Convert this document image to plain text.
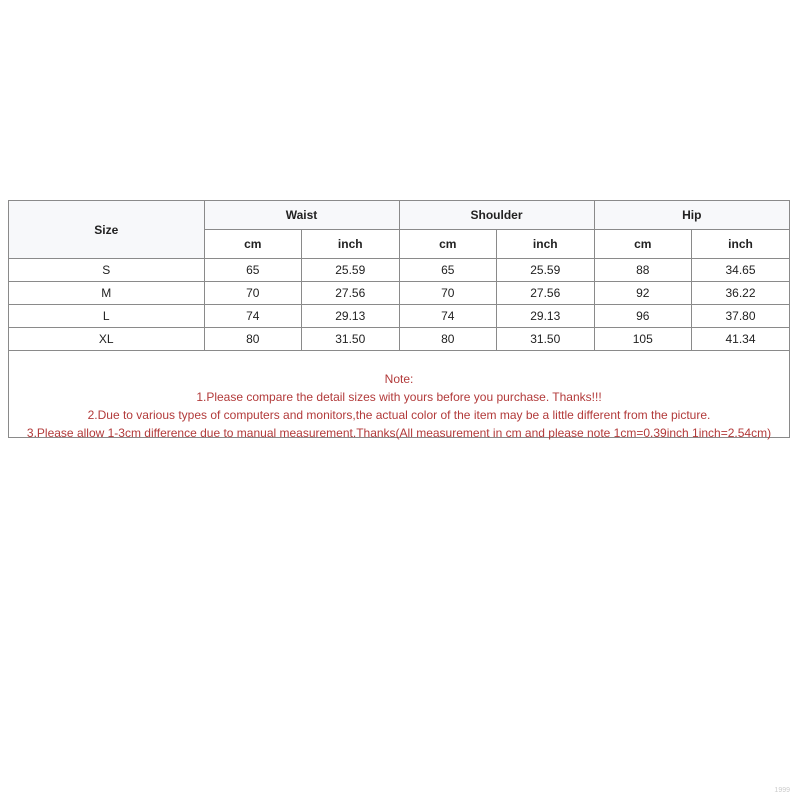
Size	Waist		Shoulder		Hip	
	cm	inch	cm	inch	cm	inch
S	65	25.59	65	25.59	88	34.65
M	70	27.56	70	27.56	92	36.22
L	74	29.13	74	29.13	96	37.80
XL	80	31.50	80	31.50	105	41.34
Note:
1.Please compare the detail sizes with yours before you purchase. Thanks!!!
2.Due to various types of computers and monitors,the actual color of the item may be a little different from the picture.
3.Please allow 1-3cm difference due to manual measurement.Thanks(All measurement in cm and please note 1cm=0.39inch 1inch=2.54cm)
1999
